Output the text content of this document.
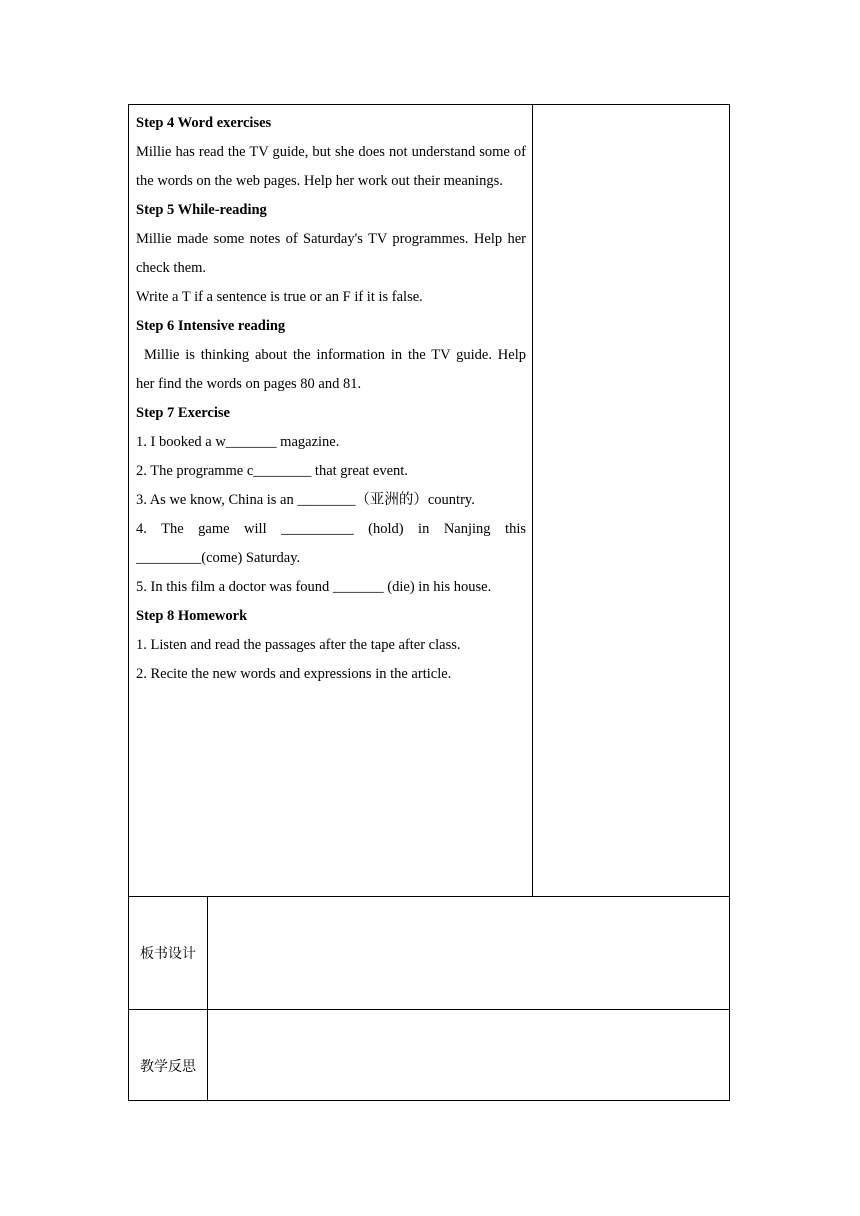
Step 4 Word exercises

Millie has read the TV guide, but she does not understand some of the words on the web pages. Help her work out their meanings.

Step 5 While-reading

Millie made some notes of Saturday's TV programmes. Help her check them.

Write a T if a sentence is true or an F if it is false.

Step 6 Intensive reading

Millie is thinking about the information in the TV guide. Help her find the words on pages 80 and 81.

Step 7 Exercise

1. I booked a w_______ magazine.

2. The programme c________ that great event.

3. As we know, China is an ________（亚洲的）country.

4. The game will __________ (hold) in Nanjing this _________(come) Saturday.

5. In this film a doctor was found _______ (die) in his house.

Step 8 Homework

1. Listen and read the passages after the tape after class.

2. Recite the new words and expressions in the article.

板书设计
教学反思
